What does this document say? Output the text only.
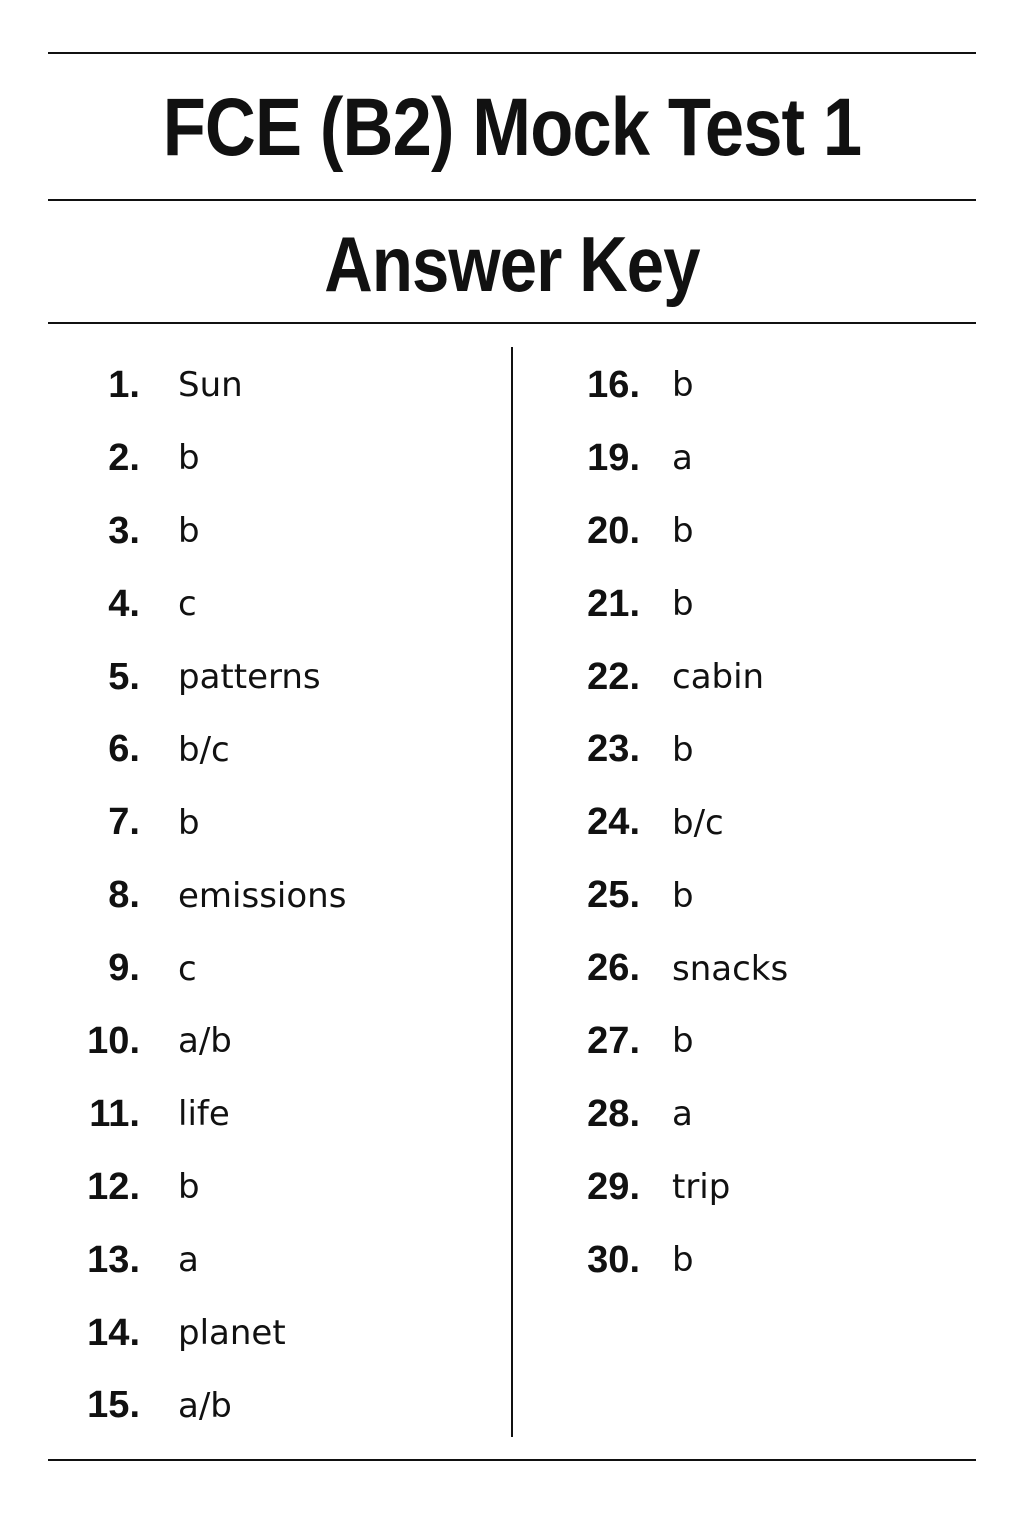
FCE (B2) Mock Test 1
Answer Key
1. Sun
2. b
3. b
4. c
5. patterns
6. b/c
7. b
8. emissions
9. c
10. a/b
11. life
12. b
13. a
14. planet
15. a/b
16. b
19. a
20. b
21. b
22. cabin
23. b
24. b/c
25. b
26. snacks
27. b
28. a
29. trip
30. b
